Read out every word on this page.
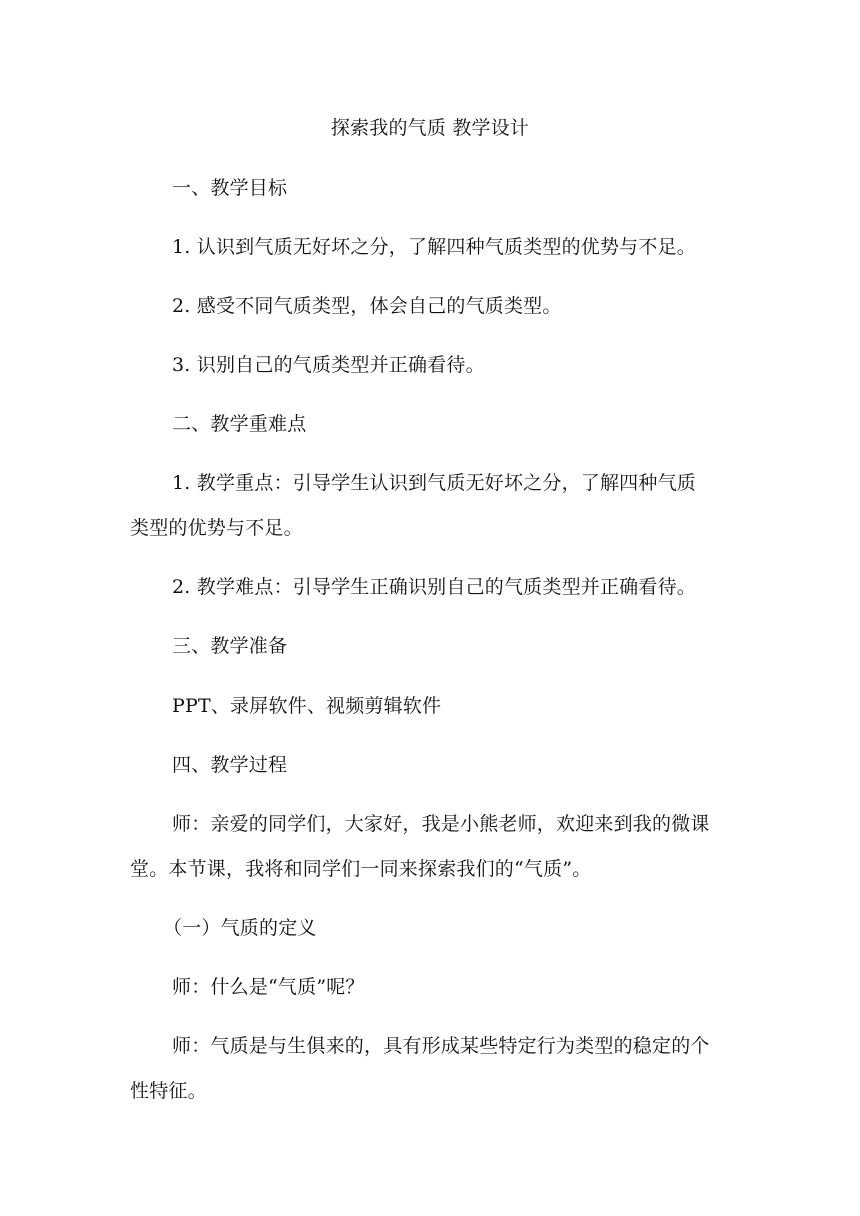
探索我的气质 教学设计
一、教学目标
1. 认识到气质无好坏之分，了解四种气质类型的优势与不足。
2. 感受不同气质类型，体会自己的气质类型。
3. 识别自己的气质类型并正确看待。
二、教学重难点
1. 教学重点：引导学生认识到气质无好坏之分，了解四种气质
类型的优势与不足。
2. 教学难点：引导学生正确识别自己的气质类型并正确看待。
三、教学准备
PPT、录屏软件、视频剪辑软件
四、教学过程
师：亲爱的同学们，大家好，我是小熊老师，欢迎来到我的微课
堂。本节课，我将和同学们一同来探索我们的“气质”。
（一）气质的定义
师：什么是“气质”呢？
师：气质是与生俱来的，具有形成某些特定行为类型的稳定的个
性特征。
